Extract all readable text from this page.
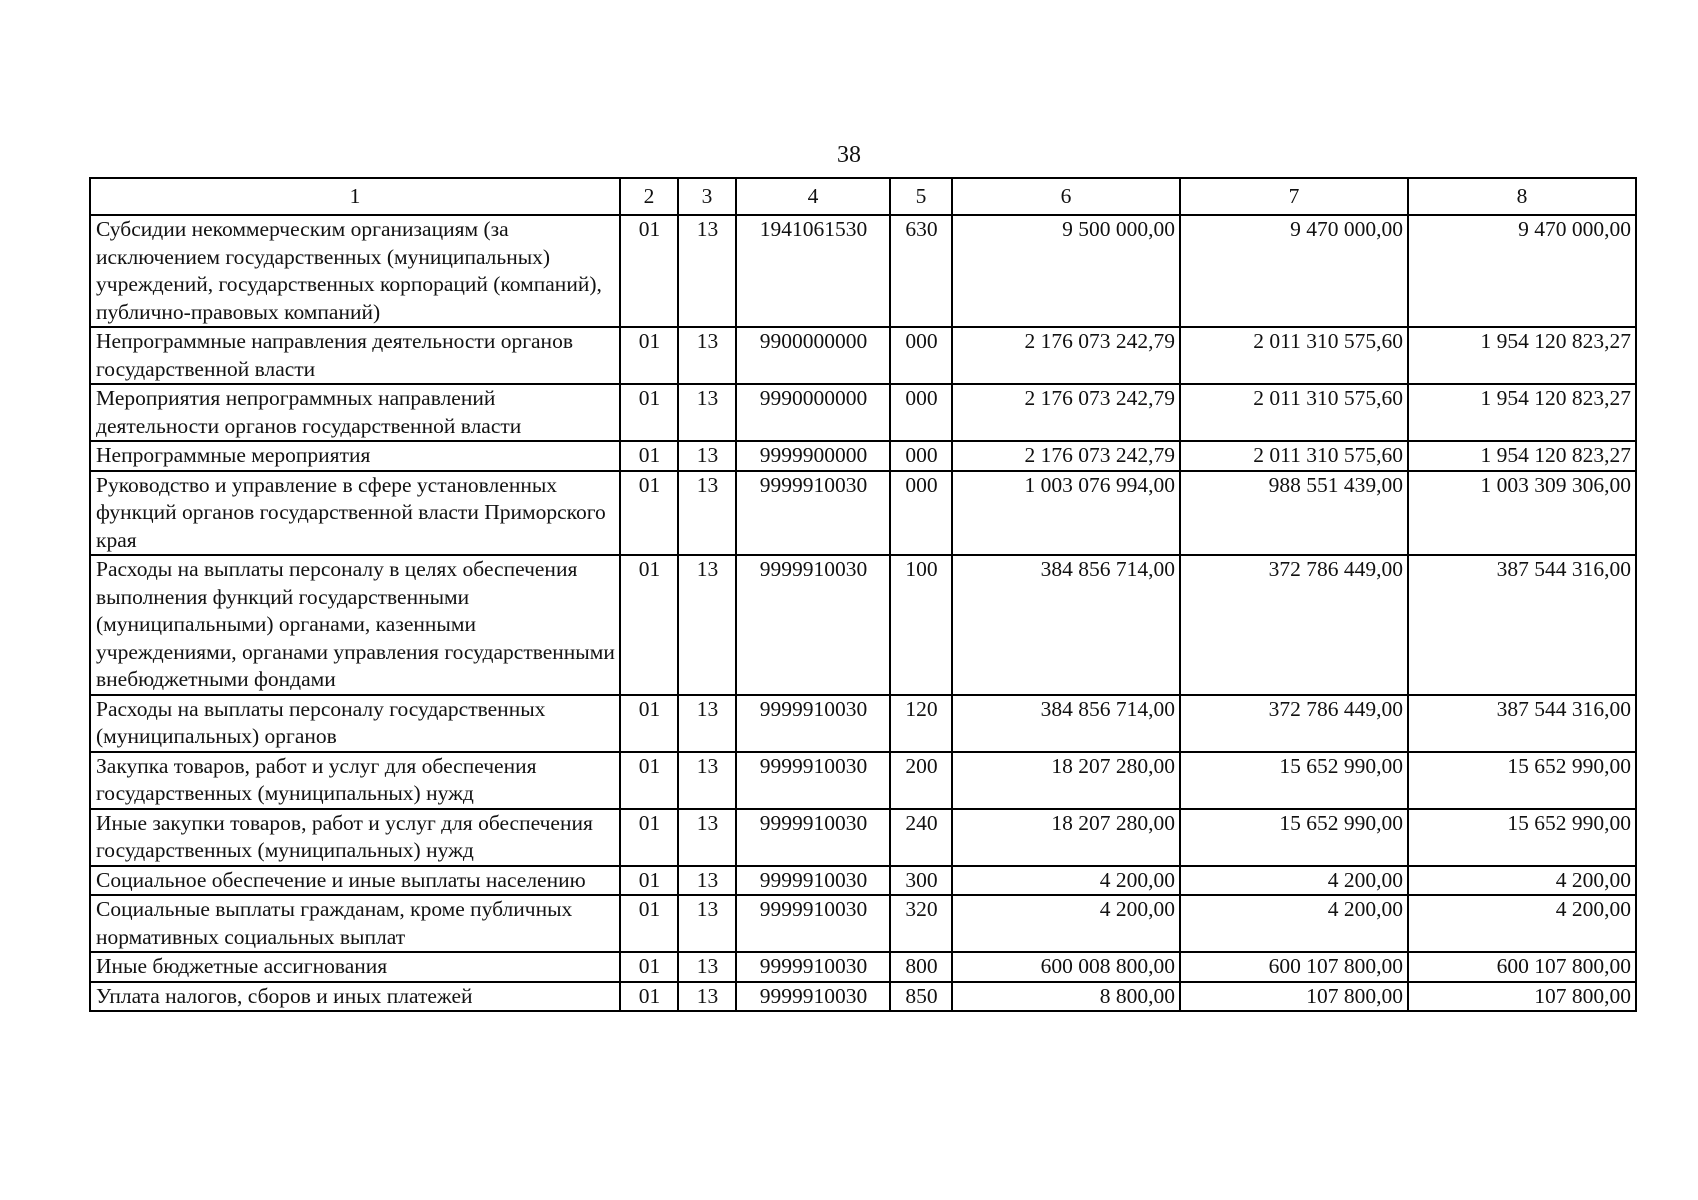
38
1	2	3	4	5	6	7	8
Субсидии некоммерческим организациям (за исключением государственных (муниципальных) учреждений, государственных корпораций (компаний), публично-правовых компаний)	01	13	1941061530	630	9 500 000,00	9 470 000,00	9 470 000,00
Непрограммные направления деятельности органов государственной власти	01	13	9900000000	000	2 176 073 242,79	2 011 310 575,60	1 954 120 823,27
Мероприятия непрограммных направлений деятельности органов государственной власти	01	13	9990000000	000	2 176 073 242,79	2 011 310 575,60	1 954 120 823,27
Непрограммные мероприятия	01	13	9999900000	000	2 176 073 242,79	2 011 310 575,60	1 954 120 823,27
Руководство и управление в сфере установленных функций органов государственной власти Приморского края	01	13	9999910030	000	1 003 076 994,00	988 551 439,00	1 003 309 306,00
Расходы на выплаты персоналу в целях обеспечения выполнения функций государственными (муниципальными) органами, казенными учреждениями, органами управления государственными внебюджетными фондами	01	13	9999910030	100	384 856 714,00	372 786 449,00	387 544 316,00
Расходы на выплаты персоналу государственных (муниципальных) органов	01	13	9999910030	120	384 856 714,00	372 786 449,00	387 544 316,00
Закупка товаров, работ и услуг для обеспечения государственных (муниципальных) нужд	01	13	9999910030	200	18 207 280,00	15 652 990,00	15 652 990,00
Иные закупки товаров, работ и услуг для обеспечения государственных (муниципальных) нужд	01	13	9999910030	240	18 207 280,00	15 652 990,00	15 652 990,00
Социальное обеспечение и иные выплаты населению	01	13	9999910030	300	4 200,00	4 200,00	4 200,00
Социальные выплаты гражданам, кроме публичных нормативных социальных выплат	01	13	9999910030	320	4 200,00	4 200,00	4 200,00
Иные бюджетные ассигнования	01	13	9999910030	800	600 008 800,00	600 107 800,00	600 107 800,00
Уплата налогов, сборов и иных платежей	01	13	9999910030	850	8 800,00	107 800,00	107 800,00
